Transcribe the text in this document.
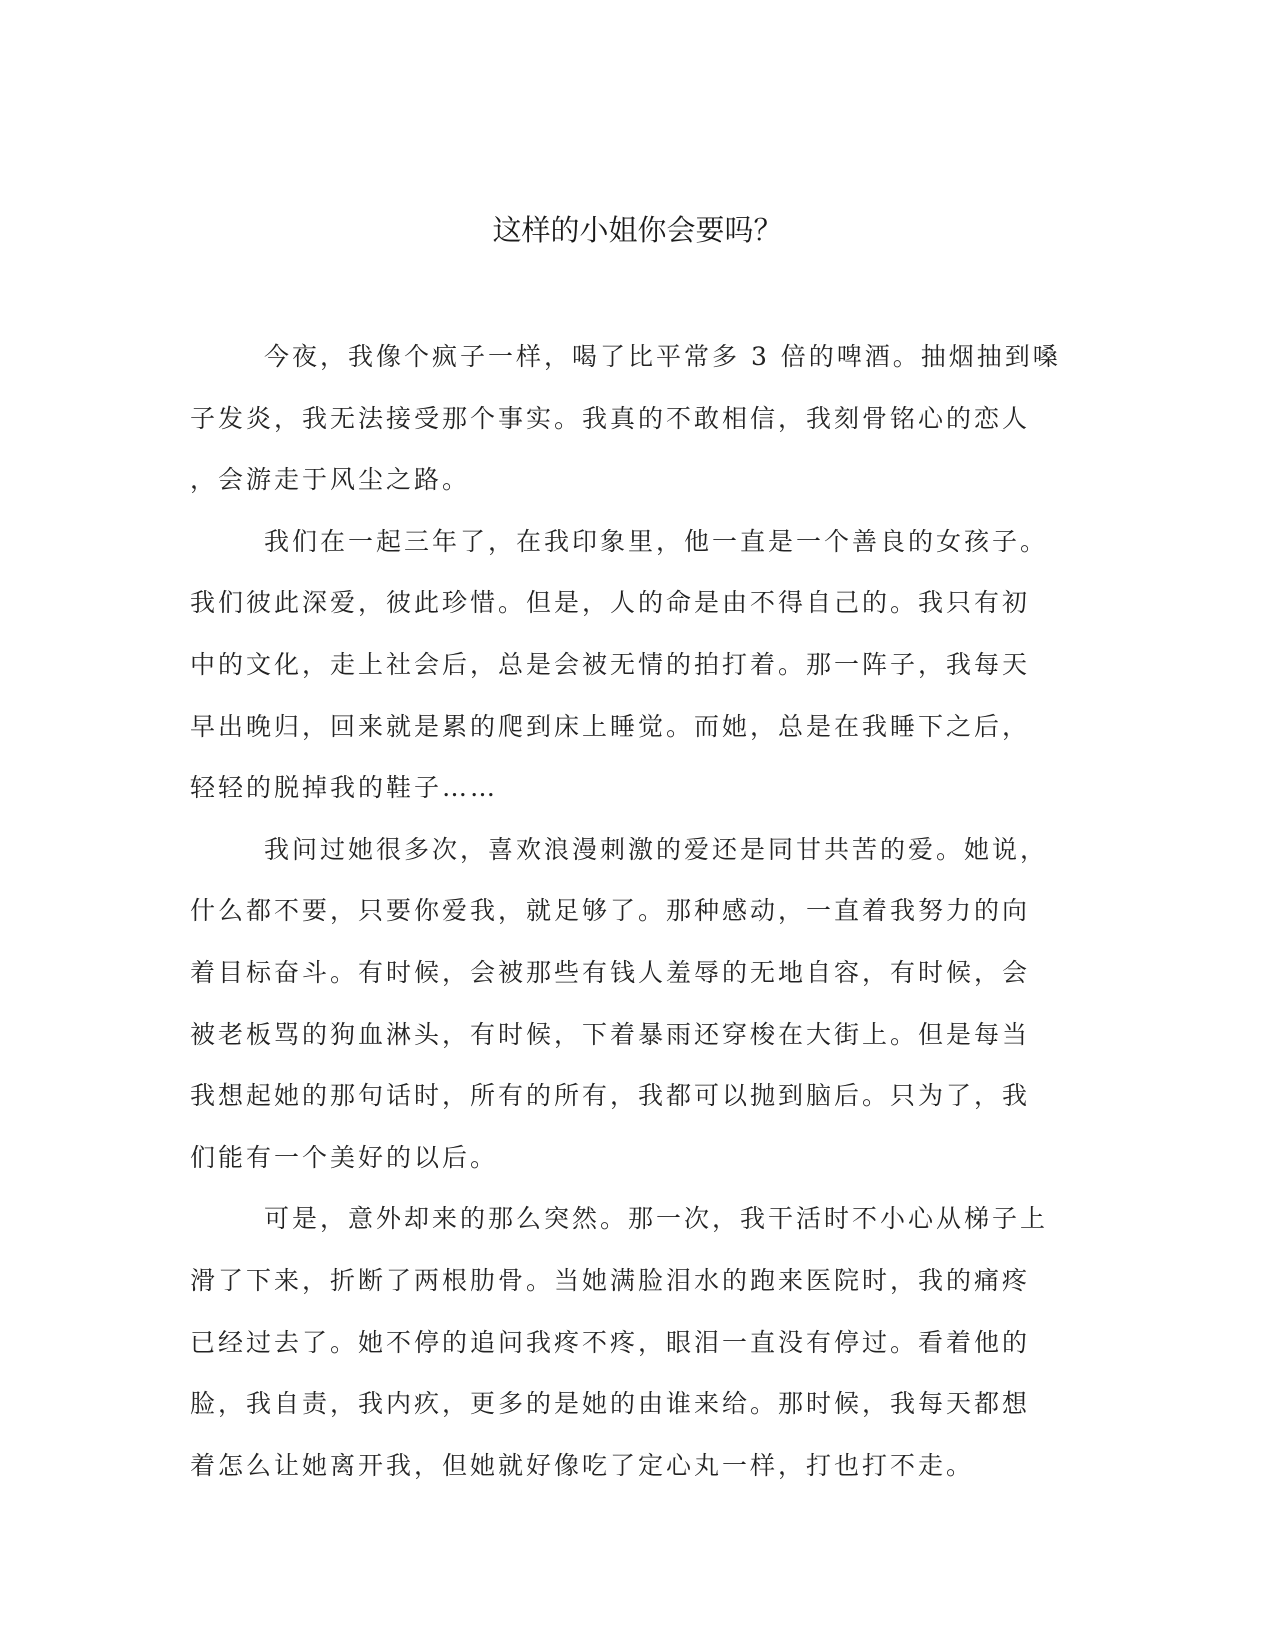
这样的小姐你会要吗？
今夜，我像个疯子一样，喝了比平常多 3 倍的啤酒。抽烟抽到嗓
子发炎，我无法接受那个事实。我真的不敢相信，我刻骨铭心的恋人
，会游走于风尘之路。
我们在一起三年了，在我印象里，他一直是一个善良的女孩子。
我们彼此深爱，彼此珍惜。但是，人的命是由不得自己的。我只有初
中的文化，走上社会后，总是会被无情的拍打着。那一阵子，我每天
早出晚归，回来就是累的爬到床上睡觉。而她，总是在我睡下之后，
轻轻的脱掉我的鞋子……
我问过她很多次，喜欢浪漫刺激的爱还是同甘共苦的爱。她说，
什么都不要，只要你爱我，就足够了。那种感动，一直着我努力的向
着目标奋斗。有时候，会被那些有钱人羞辱的无地自容，有时候，会
被老板骂的狗血淋头，有时候，下着暴雨还穿梭在大街上。但是每当
我想起她的那句话时，所有的所有，我都可以抛到脑后。只为了，我
们能有一个美好的以后。
可是，意外却来的那么突然。那一次，我干活时不小心从梯子上
滑了下来，折断了两根肋骨。当她满脸泪水的跑来医院时，我的痛疼
已经过去了。她不停的追问我疼不疼，眼泪一直没有停过。看着他的
脸，我自责，我内疚，更多的是她的由谁来给。那时候，我每天都想
着怎么让她离开我，但她就好像吃了定心丸一样，打也打不走。
